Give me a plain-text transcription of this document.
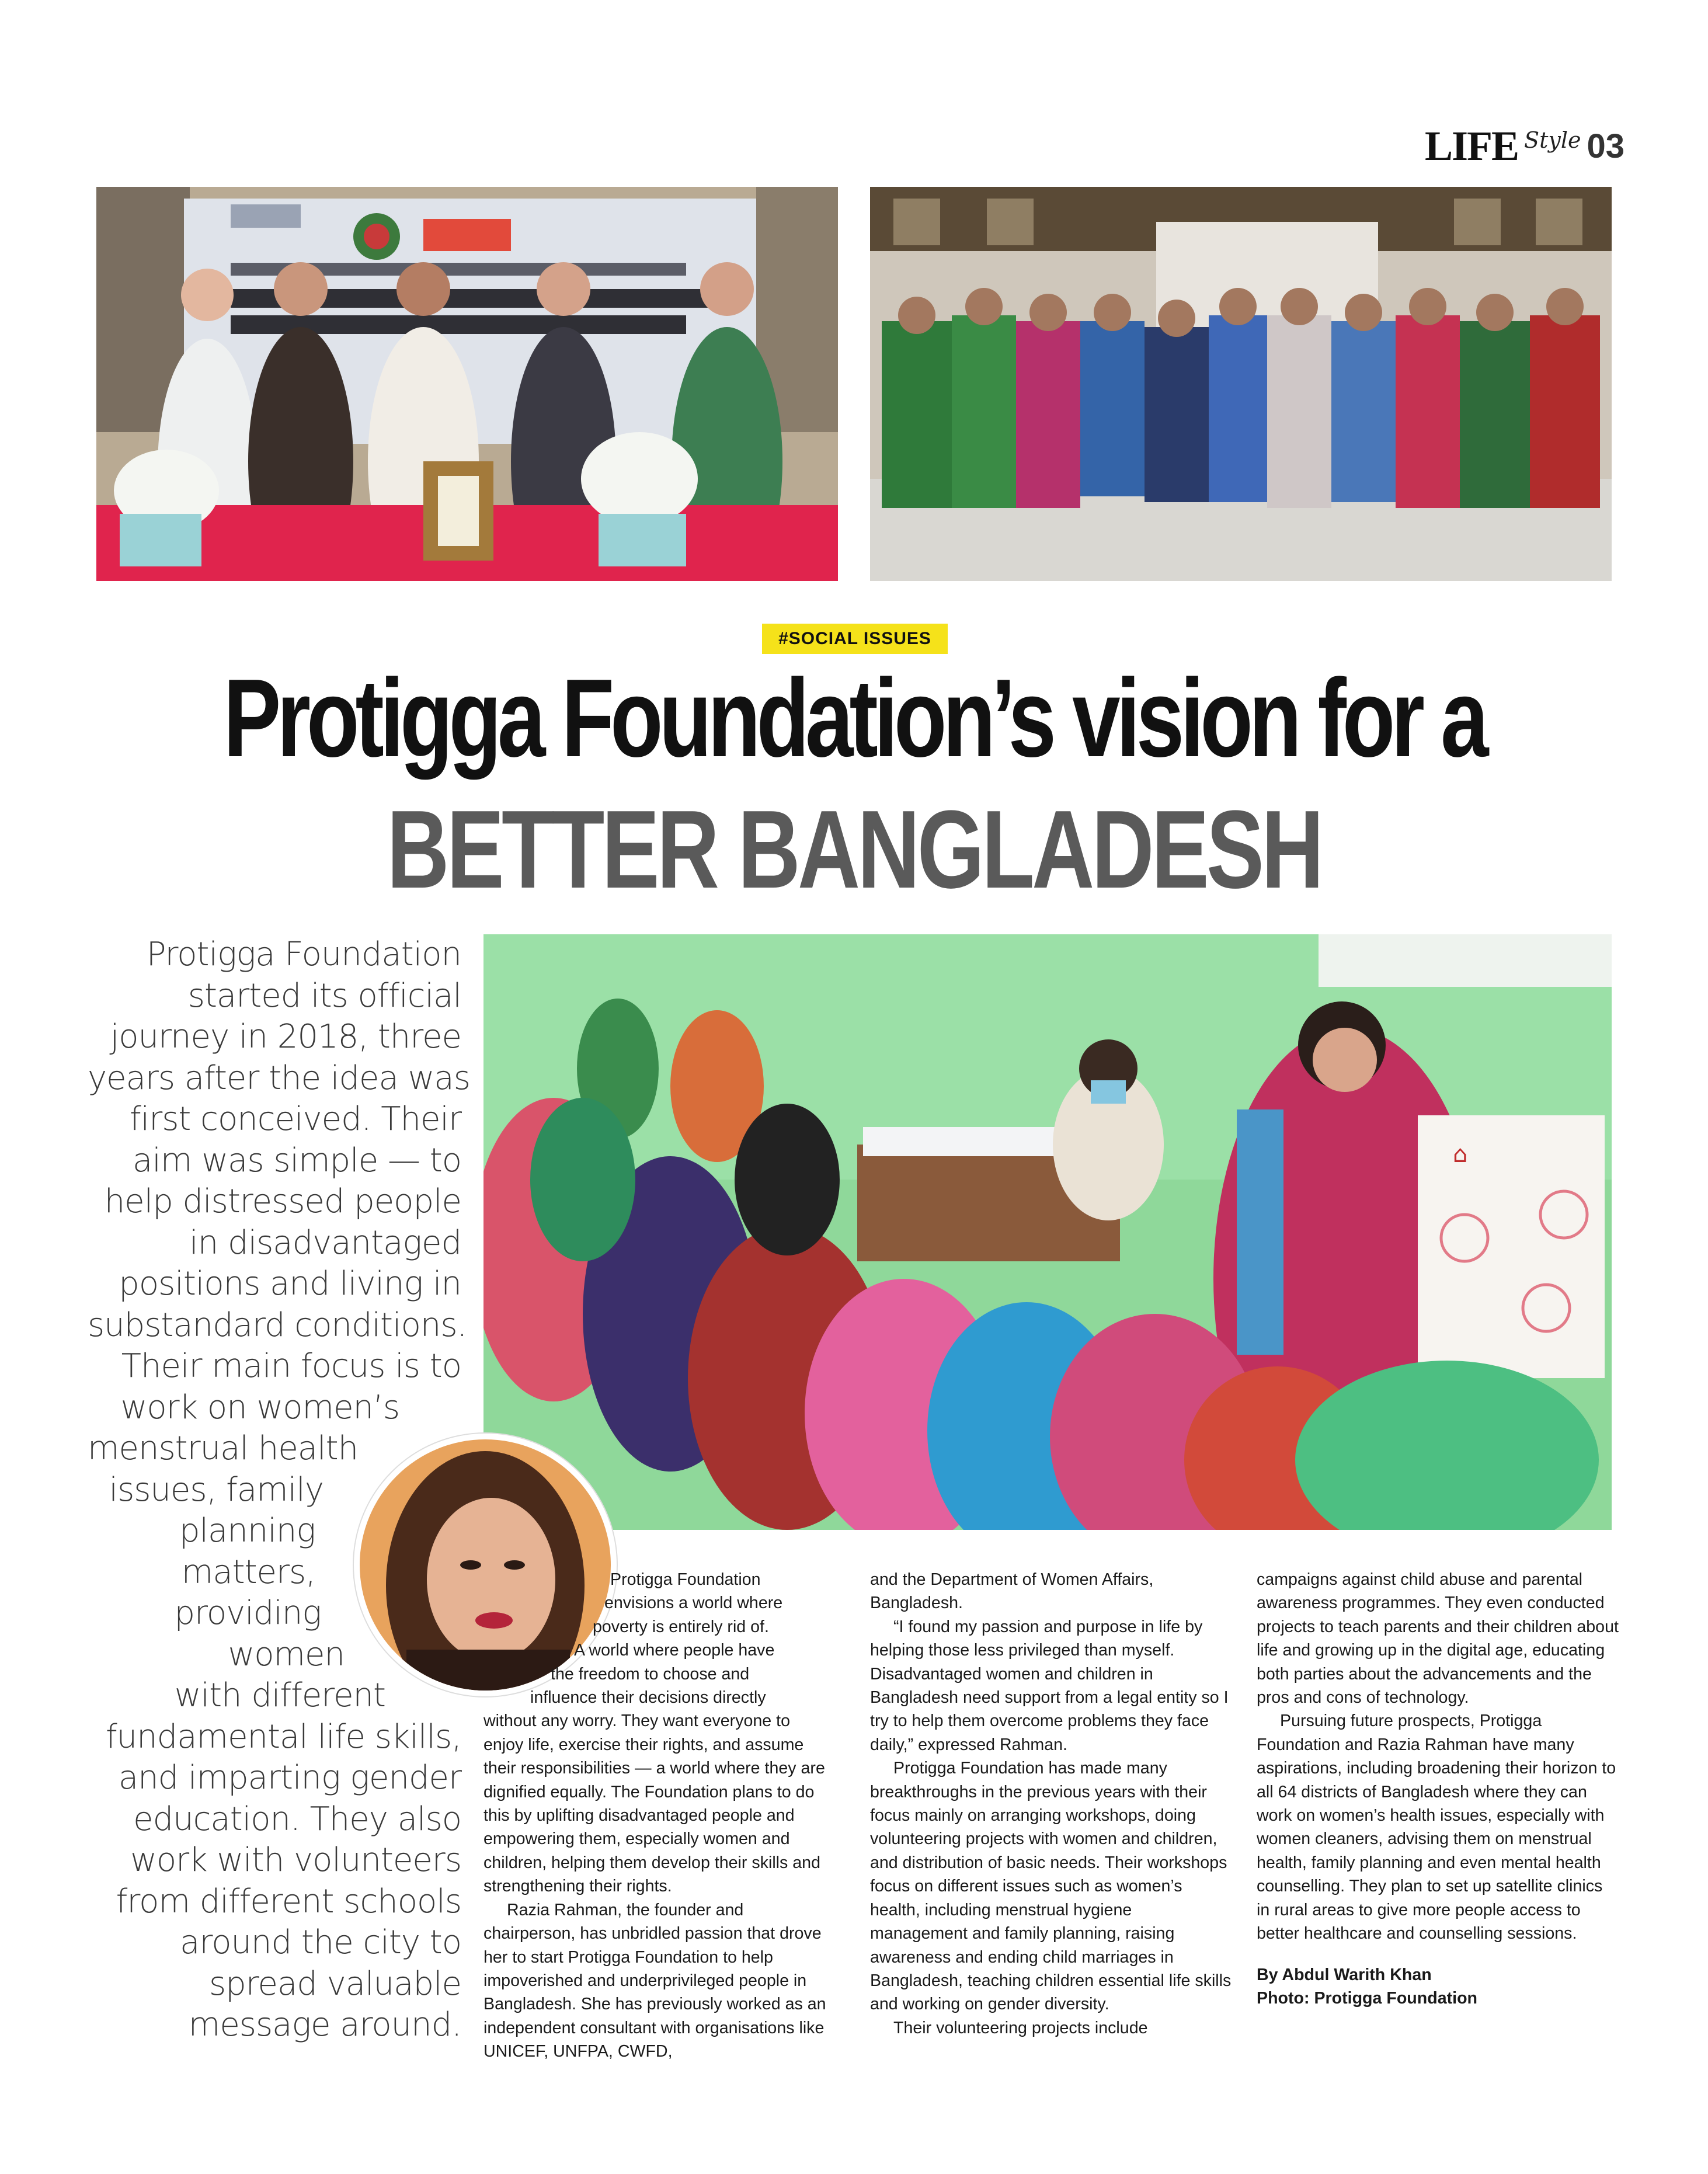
LIFE Style 03
#SOCIAL ISSUES
Protigga Foundation’s vision for a
BETTER BANGLADESH
⌂
Protigga Foundation
started its official
journey in 2018, three
years after the idea was
first conceived. Their
aim was simple — to
help distressed people
in disadvantaged
positions and living in
substandard conditions.
Their main focus is to
work on women’s
menstrual health
issues, family
planning
matters,
providing
women
with different
fundamental life skills,
and imparting gender
education. They also
work with volunteers
from different schools
around the city to
spread valuable
message around.
Protigga Foundation
envisions a world where
poverty is entirely rid of.
A world where people have
the freedom to choose and
influence their decisions directly

without any worry. They want everyone to enjoy life, exercise their rights, and assume their responsibilities — a world where they are dignified equally. The Foundation plans to do this by uplifting disadvantaged people and empowering them, especially women and children, helping them develop their skills and strengthening their rights.

Razia Rahman, the founder and chairperson, has unbridled passion that drove her to start Protigga Foundation to help impoverished and underprivileged people in Bangladesh. She has previously worked as an independent consultant with organisations like UNICEF, UNFPA, CWFD,

and the Department of Women Affairs, Bangladesh.

“I found my passion and purpose in life by helping those less privileged than myself. Disadvantaged women and children in Bangladesh need support from a legal entity so I try to help them overcome problems they face daily,” expressed Rahman.

Protigga Foundation has made many breakthroughs in the previous years with their focus mainly on arranging workshops, doing volunteering projects with women and children, and distribution of basic needs. Their workshops focus on different issues such as women’s health, including menstrual hygiene management and family planning, raising awareness and ending child marriages in Bangladesh, teaching children essential life skills and working on gender diversity.

Their volunteering projects include

campaigns against child abuse and parental awareness programmes. They even conducted projects to teach parents and their children about life and growing up in the digital age, educating both parties about the advancements and the pros and cons of technology.

Pursuing future prospects, Protigga Foundation and Razia Rahman have many aspirations, including broadening their horizon to all 64 districts of Bangladesh where they can work on women’s health issues, especially with women cleaners, advising them on menstrual health, family planning and even mental health counselling. They plan to set up satellite clinics in rural areas to give more people access to better healthcare and counselling sessions.

By Abdul Warith Khan

Photo: Protigga Foundation
